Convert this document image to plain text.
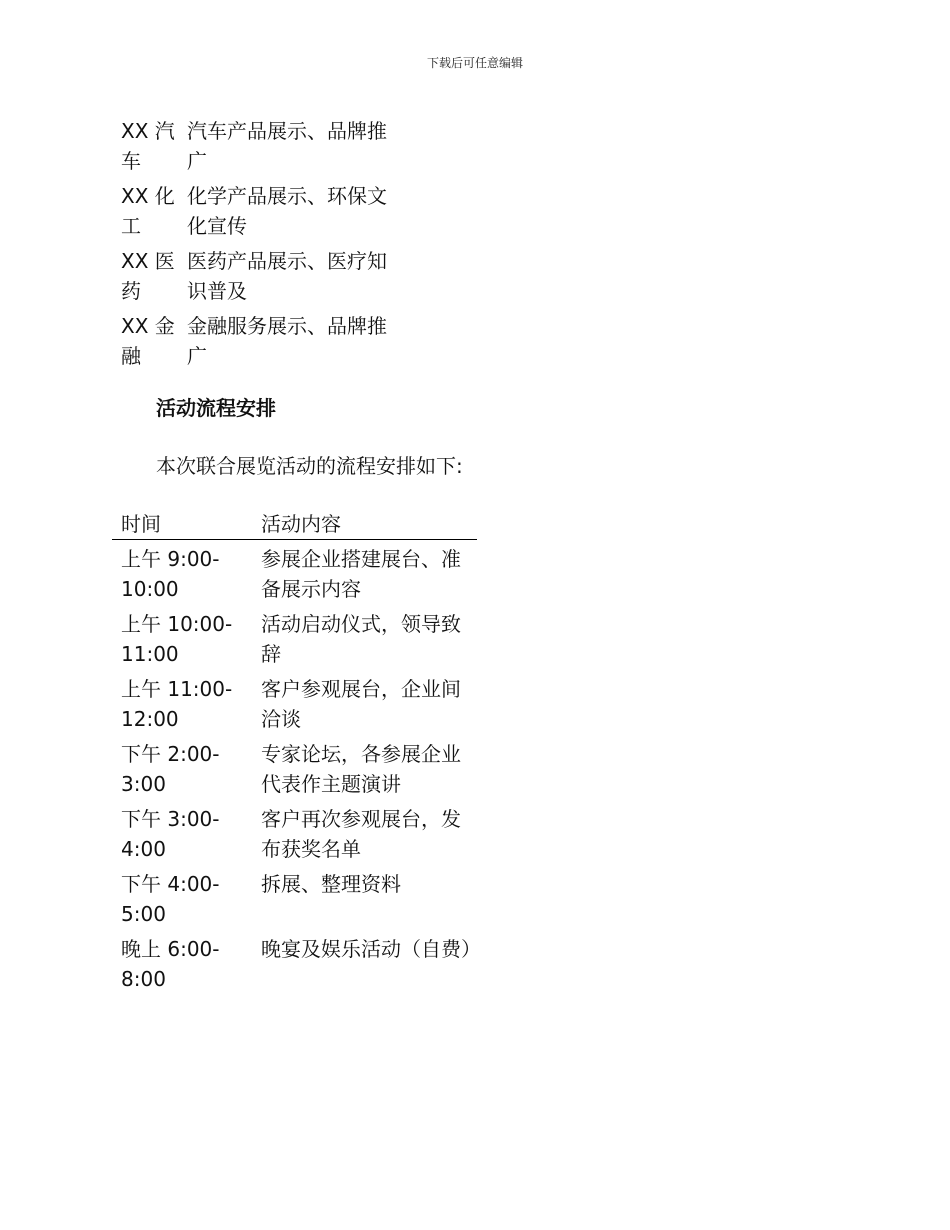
下载后可任意编辑
XX 汽车	汽车产品展示、品牌推广
XX 化工	化学产品展示、环保文化宣传
XX 医药	医药产品展示、医疗知识普及
XX 金融	金融服务展示、品牌推广
活动流程安排
本次联合展览活动的流程安排如下:
时间	活动内容
上午 9:00-10:00	参展企业搭建展台、准备展示内容
上午 10:00-11:00	活动启动仪式，领导致辞
上午 11:00-12:00	客户参观展台，企业间洽谈
下午 2:00-3:00	专家论坛，各参展企业代表作主题演讲
下午 3:00-4:00	客户再次参观展台，发布获奖名单
下午 4:00-5:00	拆展、整理资料
晚上 6:00-8:00	晚宴及娱乐活动（自费）
